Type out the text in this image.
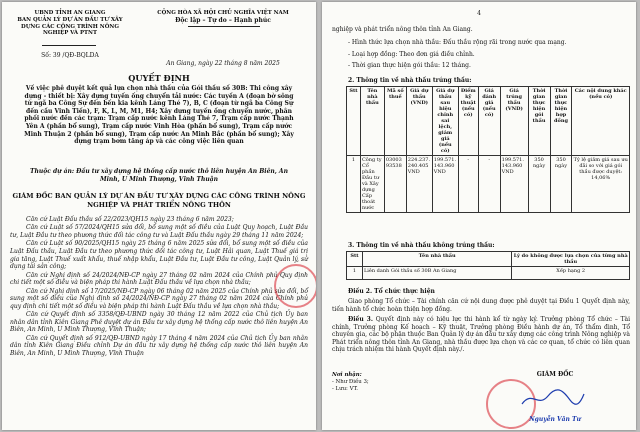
UBND TỈNH AN GIANG
BAN QUẢN LÝ DỰ ÁN ĐẦU TƯ XÂY DỰNG CÁC CÔNG TRÌNH NÔNG NGHIỆP VÀ PTNT
Số: 39 /QĐ-BQLDA
CỘNG HÒA XÃ HỘI CHỦ NGHĨA VIỆT NAM
Độc lập – Tự do – Hạnh phúc
An Giang, ngày 22 tháng 8 năm 2025
QUYẾT ĐỊNH
Về việc phê duyệt kết quả lựa chọn nhà thầu của Gói thầu số 30B: Thi công xây dựng - thiết bị: Xây dựng tuyến ống chuyển tải nước: Các tuyến A (đoạn bờ sông từ ngã ba Công Sự đến bến kia kênh Láng Thé 7), B, C (đoạn từ ngã ba Công Sự đến cầu Vinh Tiến), F, K, L, M, M1, H4; Xây dựng tuyến ống chuyển nước, phân phối nước đến các trạm: Trạm cấp nước kênh Láng Thé 7, Trạm cấp nước Thạnh Yên A (phần bổ sung), Trạm cấp nước Vinh Hòa (phần bổ sung), Trạm cấp nước Minh Thuận 2 (phần bổ sung), Trạm cấp nước An Minh Bắc (phần bổ sung); Xây dựng trạm bơm tăng áp và các công việc liên quan
Thuộc dự án: Đầu tư xây dựng hệ thống cấp nước thô liên huyện An Biên, An Minh, U Minh Thượng, Vĩnh Thuận
GIÁM ĐỐC BAN QUẢN LÝ DỰ ÁN ĐẦU TƯ XÂY DỰNG CÁC CÔNG TRÌNH NÔNG NGHIỆP VÀ PHÁT TRIỂN NÔNG THÔN

Căn cứ Luật Đấu thầu số 22/2023/QH15 ngày 23 tháng 6 năm 2023;

Căn cứ Luật số 57/2024/QH15 sửa đổi, bổ sung một số điều của Luật Quy hoạch, Luật Đầu tư, Luật Đầu tư theo phương thức đối tác công tư và Luật Đấu thầu ngày 29 tháng 11 năm 2024;

Căn cứ Luật số 90/2025/QH15 ngày 25 tháng 6 năm 2025 sửa đổi, bổ sung một số điều của Luật Đấu thầu, Luật Đầu tư theo phương thức đối tác công tư, Luật Hải quan, Luật Thuế giá trị gia tăng, Luật Thuế xuất khẩu, thuế nhập khẩu, Luật Đầu tư, Luật Đầu tư công, Luật Quản lý, sử dụng tài sản công;

Căn cứ Nghị định số 24/2024/NĐ-CP ngày 27 tháng 02 năm 2024 của Chính phủ Quy định chi tiết một số điều và biện pháp thi hành Luật Đấu thầu về lựa chọn nhà thầu;

Căn cứ Nghị định số 17/2025/NĐ-CP ngày 06 tháng 02 năm 2025 của Chính phủ sửa đổi, bổ sung một số điều của Nghị định số 24/2024/NĐ-CP ngày 27 tháng 02 năm 2024 của Chính phủ quy định chi tiết một số điều và biện pháp thi hành Luật Đấu thầu về lựa chọn nhà thầu;

Căn cứ Quyết định số 3358/QĐ-UBND ngày 30 tháng 12 năm 2022 của Chủ tịch Ủy ban nhân dân tỉnh Kiên Giang Phê duyệt dự án Đầu tư xây dựng hệ thống cấp nước thô liên huyện An Biên, An Minh, U Minh Thượng, Vĩnh Thuận;

Căn cứ Quyết định số 912/QĐ-UBND ngày 17 tháng 4 năm 2024 của Chủ tịch Ủy ban nhân dân tỉnh Kiên Giang Điều chỉnh Dự án đầu tư xây dựng hệ thống cấp nước thô liên huyện An Biên, An Minh, U Minh Thượng, Vĩnh Thuận

4
nghiệp và phát triển nông thôn tỉnh An Giang.
- Hình thức lựa chọn nhà thầu: Đấu thầu rộng rãi trong nước qua mạng.
- Loại hợp đồng: Theo đơn giá điều chỉnh.
- Thời gian thực hiện gói thầu: 12 tháng.
2. Thông tin về nhà thầu trúng thầu:
Stt	Tên nhà thầu	Mã số thuế	Giá dự thầu (VND)	Giá dự thầu sau hiệu chỉnh sai lệch, giảm giá (nếu có)	Điểm kỹ thuật (nếu có)	Giá đánh giá (nếu có)	Giá trúng thầu (VND)	Thời gian thực hiện gói thầu	Thời gian thực hiện hợp đồng	Các nội dung khác (nếu có)
1	Công ty Cổ phần Đầu tư và Xây dựng Cấp thoát nước	03003 93538	224.237. 240.405 VND	199.571. 143.960 VND	-	-	199.571. 143.960 VND	350 ngày	350 ngày	Tỷ lệ giảm giá sau ưu đãi so với giá gói thầu được duyệt: 14,06%
3. Thông tin về nhà thầu không trúng thầu:
Stt	Tên nhà thầu	Lý do không được lựa chọn của từng nhà thầu
1	Liên danh Gói thầu số 30B An Giang	Xếp hạng 2
Điều 2. Tổ chức thực hiện

Giao phòng Tổ chức – Tài chính căn cứ nội dung được phê duyệt tại Điều 1 Quyết định này, tiến hành tổ chức hoàn thiện hợp đồng.

Điều 3. Quyết định này có hiệu lực thi hành kể từ ngày ký. Trưởng phòng Tổ chức – Tài chính, Trưởng phòng Kế hoạch – Kỹ thuật, Trưởng phòng Điều hành dự án, Tổ thẩm định, Tổ chuyên gia, các bộ phận thuộc Ban Quản lý dự án đầu tư xây dựng các công trình Nông nghiệp và Phát triển nông thôn tỉnh An Giang, nhà thầu được lựa chọn và các cơ quan, tổ chức có liên quan chịu trách nhiệm thi hành Quyết định này./.

Nơi nhận:
- Như Điều 3;
- Lưu: VT.
GIÁM ĐỐC
Nguyễn Văn Tư
